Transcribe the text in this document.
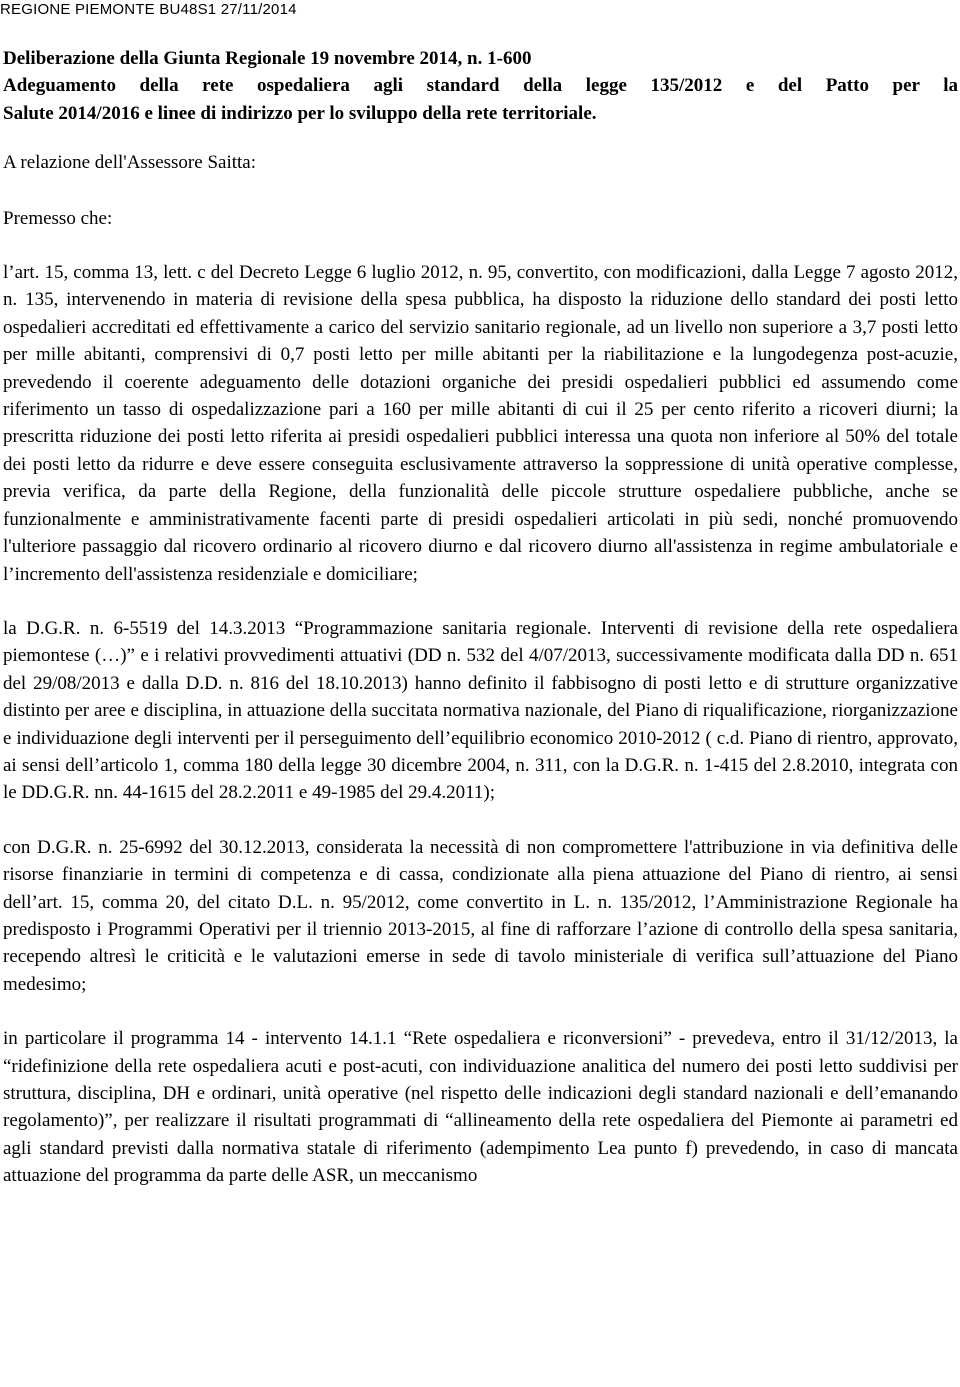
REGIONE PIEMONTE BU48S1 27/11/2014
Deliberazione della Giunta Regionale 19 novembre 2014, n. 1-600
Adeguamento della rete ospedaliera agli standard della legge 135/2012 e del Patto per la
Salute 2014/2016 e linee di indirizzo per lo sviluppo della rete territoriale.

A relazione dell'Assessore Saitta:

Premesso che:

l’art. 15, comma 13, lett. c del Decreto Legge 6 luglio 2012, n. 95, convertito, con modificazioni, dalla Legge 7 agosto 2012, n. 135, intervenendo in materia di revisione della spesa pubblica, ha disposto la riduzione dello standard dei posti letto ospedalieri accreditati ed effettivamente a carico del servizio sanitario regionale, ad un livello non superiore a 3,7 posti letto per mille abitanti, comprensivi di 0,7 posti letto per mille abitanti per la riabilitazione e la lungodegenza post-acuzie, prevedendo il coerente adeguamento delle dotazioni organiche dei presidi ospedalieri pubblici ed assumendo come riferimento un tasso di ospedalizzazione pari a 160 per mille abitanti di cui il 25 per cento riferito a ricoveri diurni; la prescritta riduzione dei posti letto riferita ai presidi ospedalieri pubblici interessa una quota non inferiore al 50% del totale dei posti letto da ridurre e deve essere conseguita esclusivamente attraverso la soppressione di unità operative complesse, previa verifica, da parte della Regione, della funzionalità delle piccole strutture ospedaliere pubbliche, anche se funzionalmente e amministrativamente facenti parte di presidi ospedalieri articolati in più sedi, nonché promuovendo l'ulteriore passaggio dal ricovero ordinario al ricovero diurno e dal ricovero diurno all'assistenza in regime ambulatoriale e l’incremento dell'assistenza residenziale e domiciliare;

la D.G.R. n. 6-5519 del 14.3.2013 “Programmazione sanitaria regionale. Interventi di revisione della rete ospedaliera piemontese (…)” e i relativi provvedimenti attuativi (DD n. 532 del 4/07/2013, successivamente modificata dalla DD n. 651 del 29/08/2013 e dalla D.D. n. 816 del 18.10.2013) hanno definito il fabbisogno di posti letto e di strutture organizzative distinto per aree e disciplina, in attuazione della succitata normativa nazionale, del Piano di riqualificazione, riorganizzazione e individuazione degli interventi per il perseguimento dell’equilibrio economico 2010-2012 ( c.d. Piano di rientro, approvato, ai sensi dell’articolo 1, comma 180 della legge 30 dicembre 2004, n. 311, con la D.G.R. n. 1-415 del 2.8.2010, integrata con le DD.G.R. nn. 44-1615 del 28.2.2011 e 49-1985 del 29.4.2011);

con D.G.R. n. 25-6992 del 30.12.2013, considerata la necessità di non compromettere l'attribuzione in via definitiva delle risorse finanziarie in termini di competenza e di cassa, condizionate alla piena attuazione del Piano di rientro, ai sensi dell’art. 15, comma 20, del citato D.L. n. 95/2012, come convertito in L. n. 135/2012, l’Amministrazione Regionale ha predisposto i Programmi Operativi per il triennio 2013-2015, al fine di rafforzare l’azione di controllo della spesa sanitaria, recependo altresì le criticità e le valutazioni emerse in sede di tavolo ministeriale di verifica sull’attuazione del Piano medesimo;

in particolare il programma 14 - intervento 14.1.1 “Rete ospedaliera e riconversioni” - prevedeva, entro il 31/12/2013, la “ridefinizione della rete ospedaliera acuti e post-acuti, con individuazione analitica del numero dei posti letto suddivisi per struttura, disciplina, DH e ordinari, unità operative (nel rispetto delle indicazioni degli standard nazionali e dell’emanando regolamento)”, per realizzare il risultati programmati di “allineamento della rete ospedaliera del Piemonte ai parametri ed agli standard previsti dalla normativa statale di riferimento (adempimento Lea punto f) prevedendo, in caso di mancata attuazione del programma da parte delle ASR, un meccanismo
